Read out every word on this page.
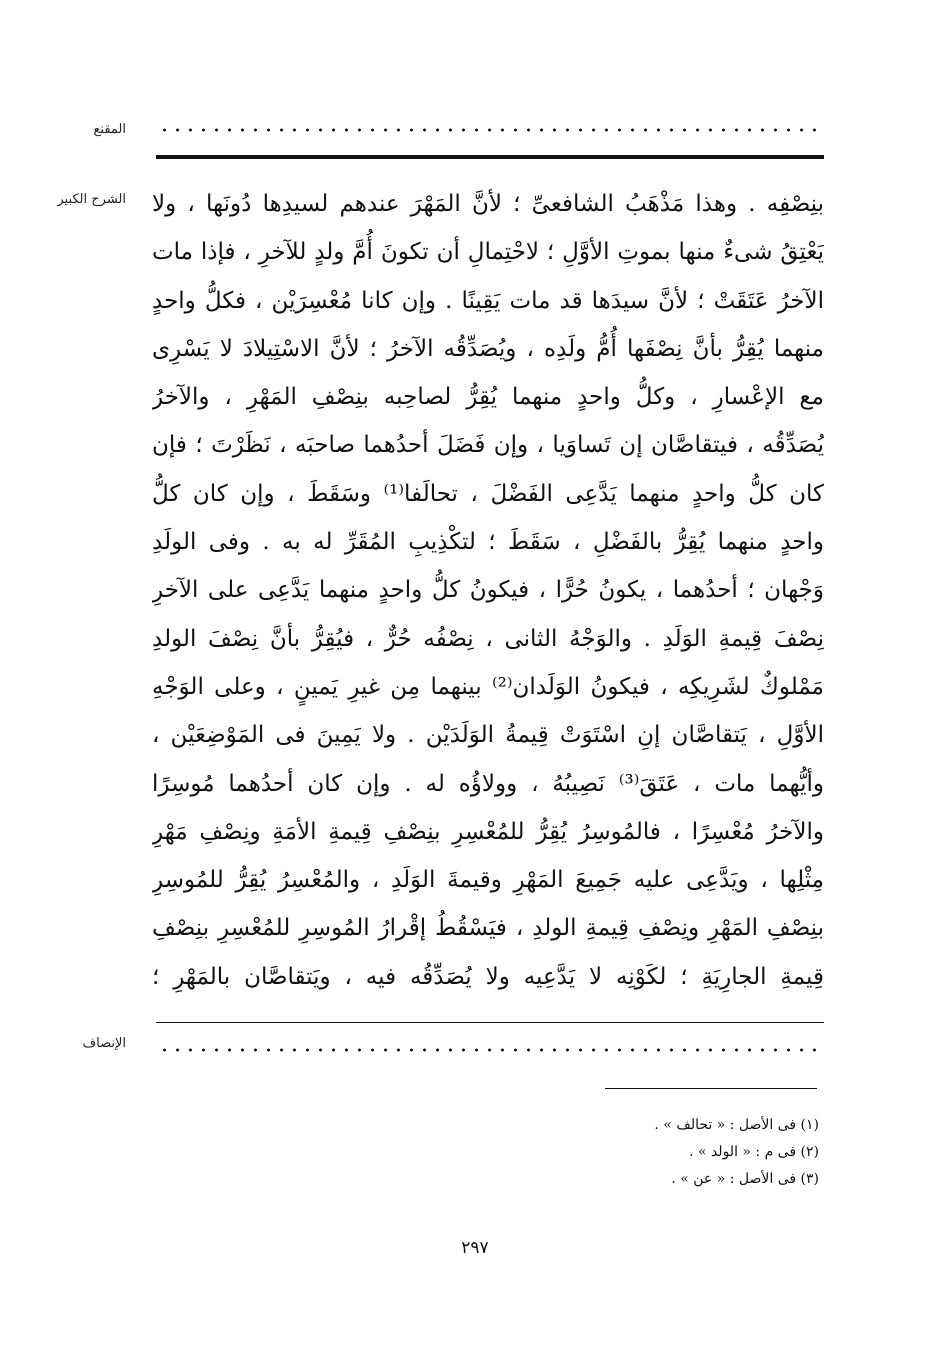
المقنع
الشرح الكبير بنِصْفِه . وهذا مَذْهَبُ الشافعىِّ ؛ لأنَّ المَهْرَ عندهم لسيدِها دُونَها ، ولا
يَعْتِقُ شىءٌ منها بموتِ الأوَّلِ ؛ لاحْتِمالِ أن تكونَ أُمَّ ولدٍ للآخرِ ، فإذا مات
الآخرُ عَتَقَتْ ؛ لأنَّ سيدَها قد مات يَقِينًا . وإن كانا مُعْسِرَيْن ، فكلُّ واحدٍ
منهما يُقِرُّ بأنَّ نِصْفَها أُمُّ ولَدِه ، ويُصَدِّقُه الآخرُ ؛ لأنَّ الاسْتِيلادَ لا يَسْرِى
مع الإعْسارِ ، وكلُّ واحدٍ منهما يُقِرُّ لصاحِبه بنِصْفِ المَهْرِ ، والآخرُ
يُصَدِّقُه ، فيتقاصَّان إن تَساوَيا ، وإن فَضَلَ أحدُهما صاحبَه ، نَظَرْتَ ؛ فإن
كان كلُّ واحدٍ منهما يَدَّعِى الفَضْلَ ، تحالَفا⁽¹⁾ وسَقَطَ ، وإن كان كلُّ
واحدٍ منهما يُقِرُّ بالفَضْلِ ، سَقَطَ ؛ لتكْذِيبِ المُقَرِّ له به . وفى الولَدِ
وَجْهان ؛ أحدُهما ، يكونُ حُرًّا ، فيكونُ كلُّ واحدٍ منهما يَدَّعِى على الآخرِ
نِصْفَ قِيمةِ الوَلَدِ . والوَجْهُ الثانى ، نِصْفُه حُرٌّ ، فيُقِرُّ بأنَّ نِصْفَ الولدِ
مَمْلوكٌ لشَرِيكِه ، فيكونُ الوَلَدان⁽²⁾ بينهما مِن غيرِ يَمينٍ ، وعلى الوَجْهِ
الأوَّلِ ، يَتقاصَّان إنِ اسْتَوَتْ قِيمةُ الوَلَدَيْن . ولا يَمِينَ فى المَوْضِعَيْن ،
وأيُّهما مات ، عَتَقَ⁽³⁾ نَصِيبُهُ ، وولاؤُه له . وإن كان أحدُهما مُوسِرًا
والآخرُ مُعْسِرًا ، فالمُوسِرُ يُقِرُّ للمُعْسِرِ بنِصْفِ قِيمةِ الأمَةِ ونِصْفِ مَهْرِ
مِثْلِها ، ويَدَّعِى عليه جَمِيعَ المَهْرِ وقيمةَ الوَلَدِ ، والمُعْسِرُ يُقِرُّ للمُوسِرِ
بنِصْفِ المَهْرِ ونِصْفِ قِيمةِ الولدِ ، فيَسْقُطُ إقْرارُ المُوسِرِ للمُعْسِرِ بنِصْفِ
قِيمةِ الجارِيَةِ ؛ لكَوْنِه لا يَدَّعِيه ولا يُصَدِّقُه فيه ، ويَتقاصَّان بالمَهْرِ ؛
الإنصاف
(١) فى الأصل : « تحالف » .
(٢) فى م : « الولد » .
(٣) فى الأصل : « عن » .
٢٩٧
